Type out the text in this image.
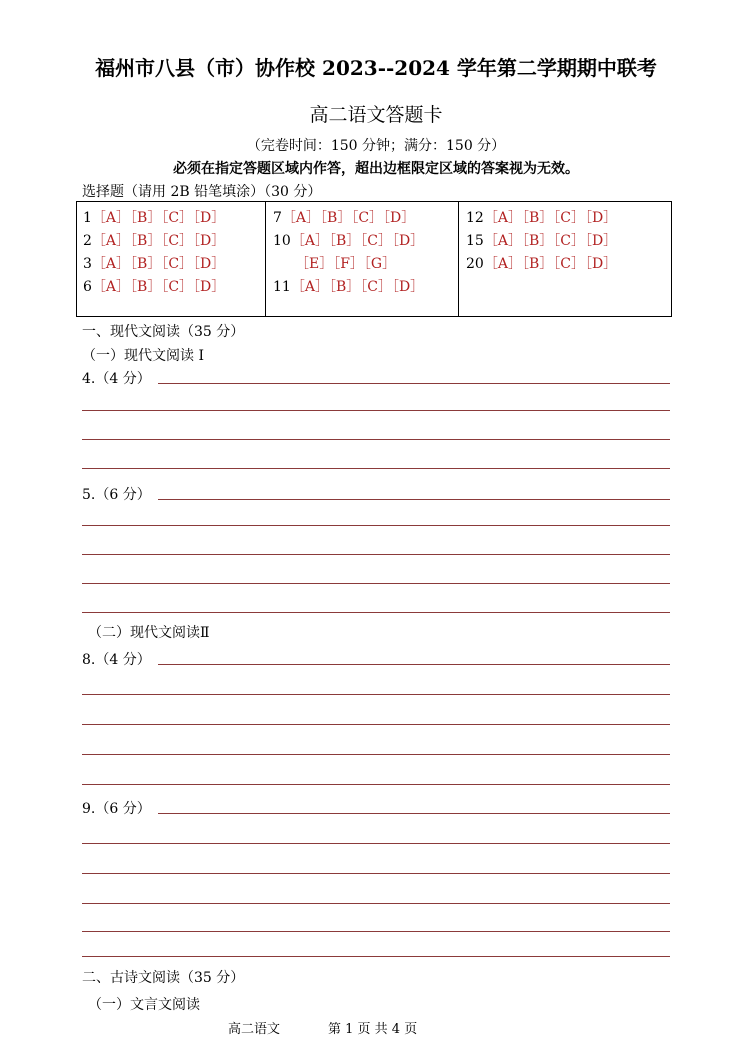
福州市八县（市）协作校 2023--2024 学年第二学期期中联考
高二语文答题卡
（完卷时间：150 分钟；满分：150 分）
必须在指定答题区域内作答，超出边框限定区域的答案视为无效。
选择题（请用 2B 铅笔填涂）（30 分）
1［A］［B］［C］［D］
2［A］［B］［C］［D］
3［A］［B］［C］［D］
6［A］［B］［C］［D］
7［A］［B］［C］［D］
10［A］［B］［C］［D］
［E］［F］［G］
11［A］［B］［C］［D］
12［A］［B］［C］［D］
15［A］［B］［C］［D］
20［A］［B］［C］［D］
一、现代文阅读（35 分）
（一）现代文阅读 I
4.（4 分）
5.（6 分）
（二）现代文阅读Ⅱ
8.（4 分）
9.（6 分）
二、古诗文阅读（35 分）
（一）文言文阅读
高二语文	第 1 页 共 4 页
